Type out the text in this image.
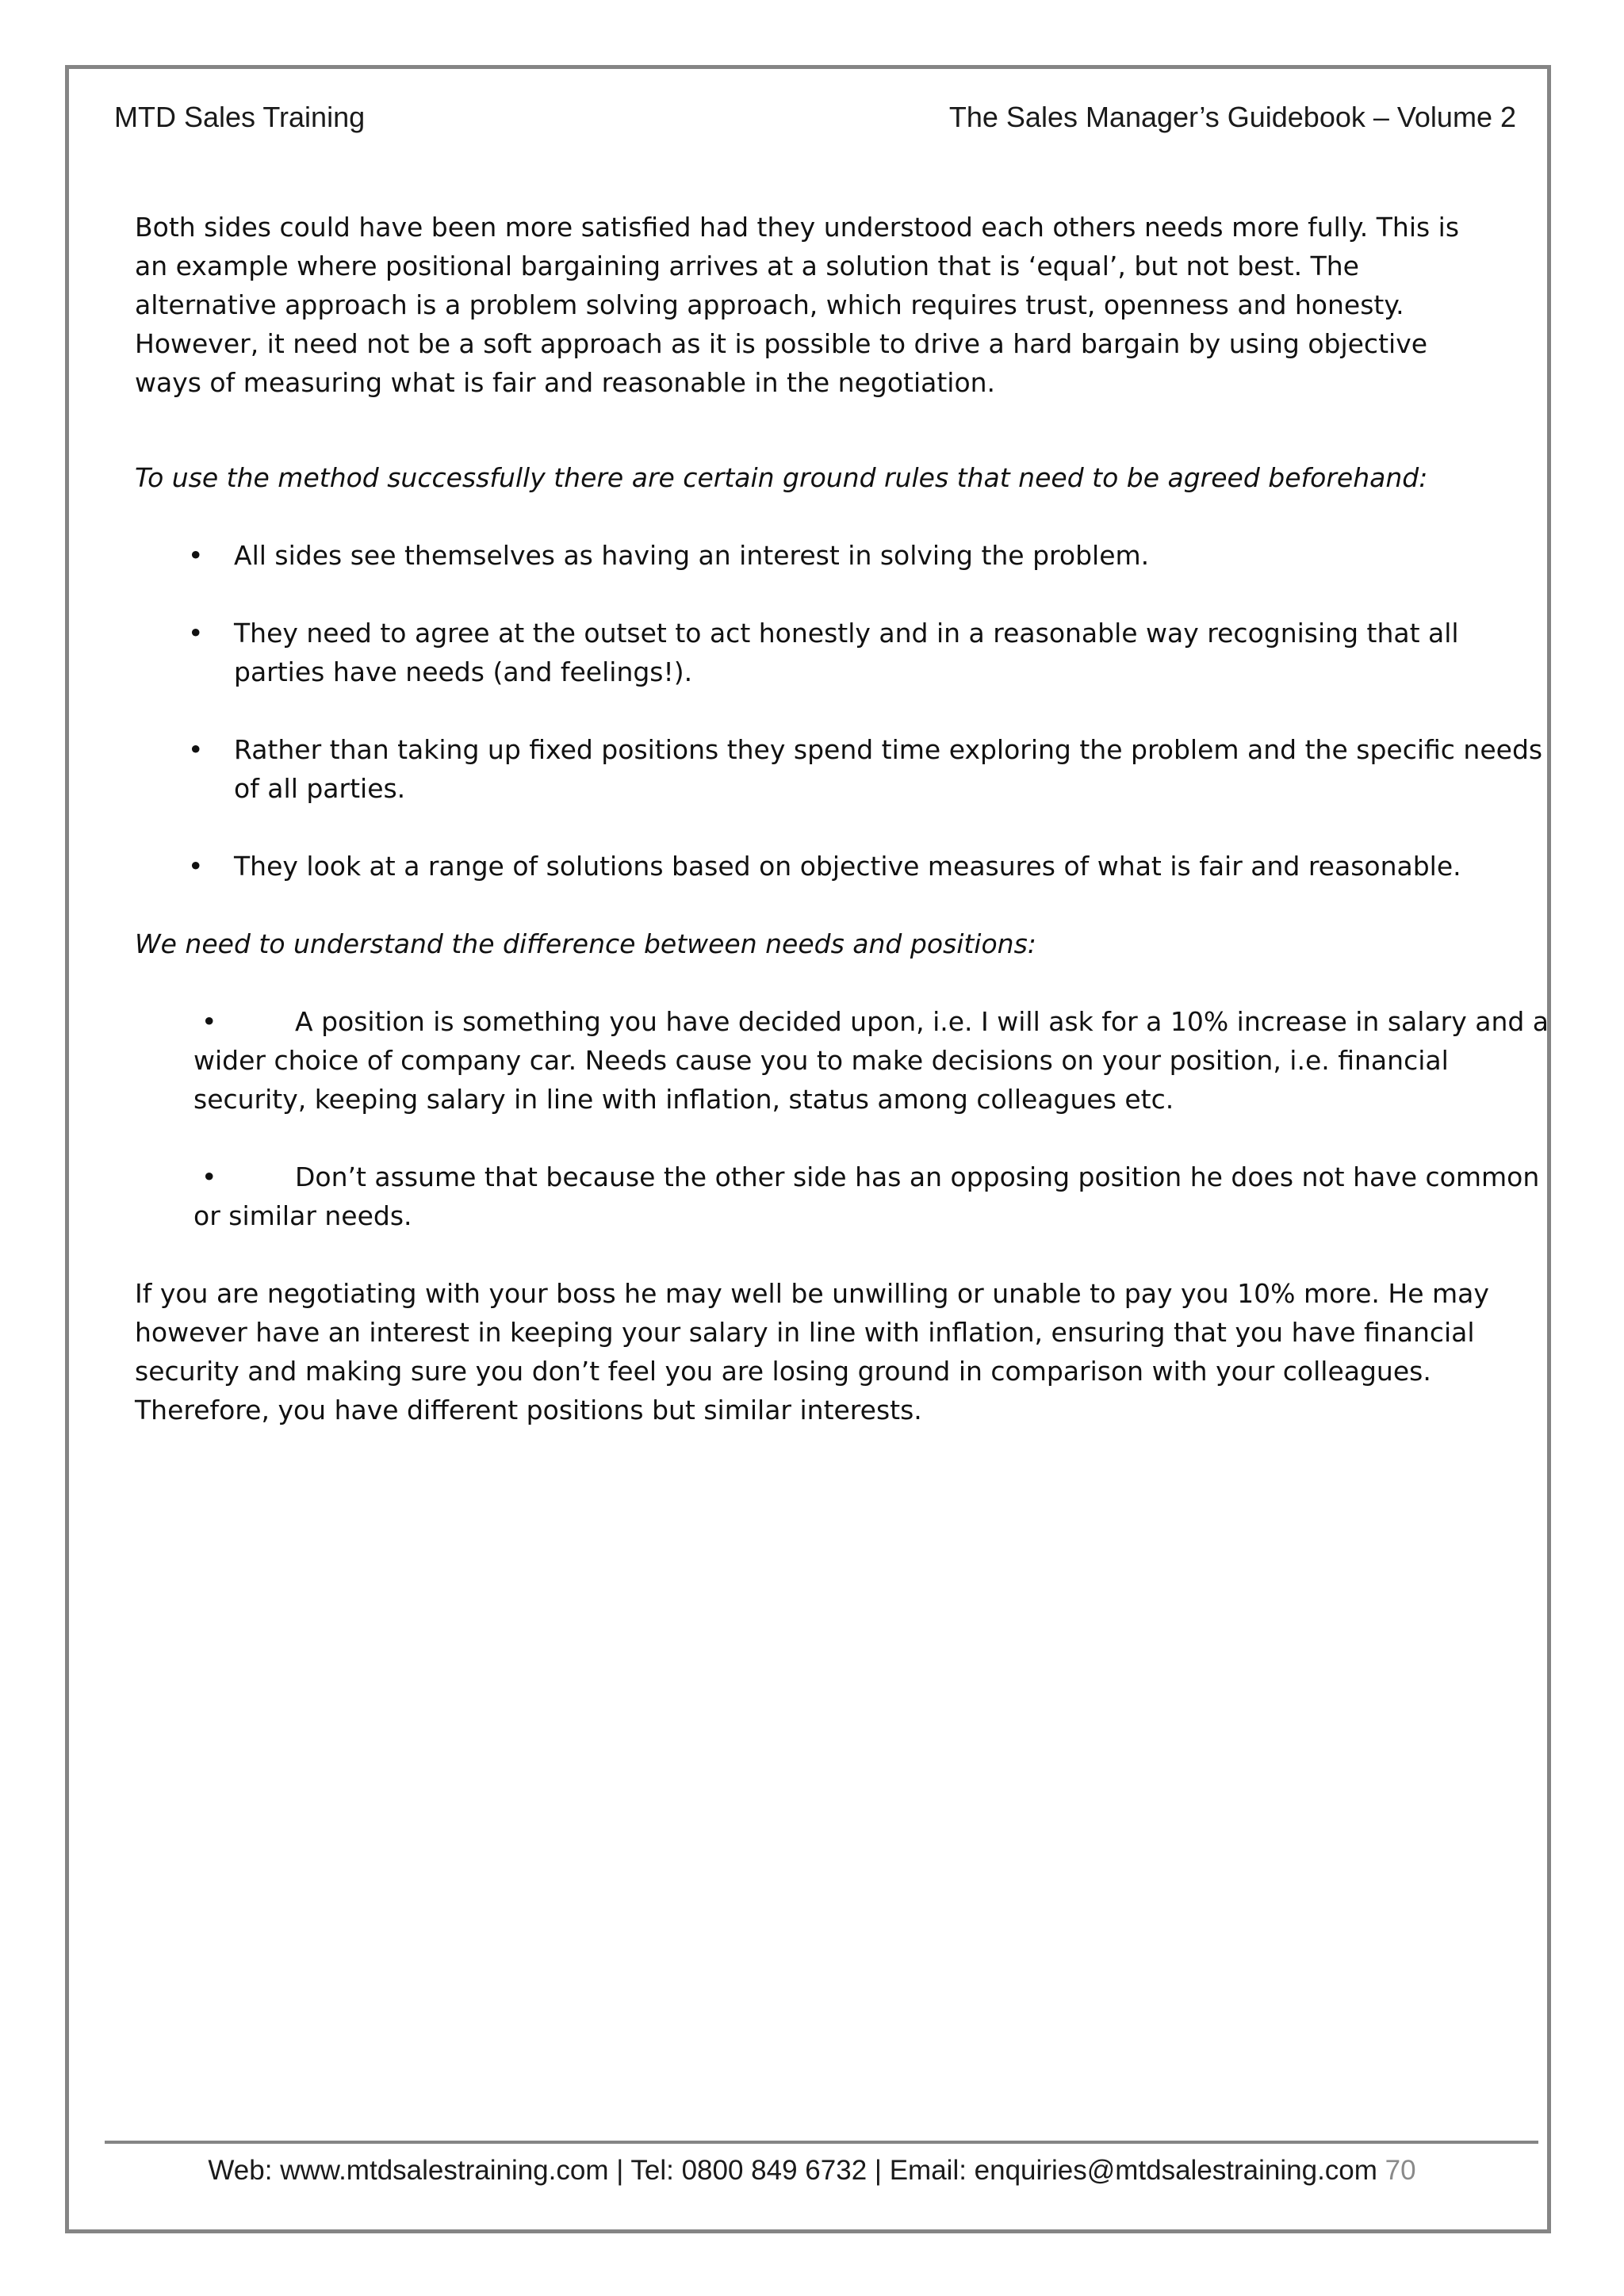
MTD Sales Training	The Sales Manager’s Guidebook – Volume 2

Both sides could have been more satisfied had they understood each others needs more fully. This is an example where positional bargaining arrives at a solution that is ‘equal’, but not best. The alternative approach is a problem solving approach, which requires trust, openness and honesty. However, it need not be a soft approach as it is possible to drive a hard bargain by using objective ways of measuring what is fair and reasonable in the negotiation.

To use the method successfully there are certain ground rules that need to be agreed beforehand:

• All sides see themselves as having an interest in solving the problem.
• They need to agree at the outset to act honestly and in a reasonable way recognising that all parties have needs (and feelings!).
• Rather than taking up fixed positions they spend time exploring the problem and the specific needs of all parties.
• They look at a range of solutions based on objective measures of what is fair and reasonable.

We need to understand the difference between needs and positions:

•	A position is something you have decided upon, i.e. I will ask for a 10% increase in salary and a wider choice of company car. Needs cause you to make decisions on your position, i.e. financial security, keeping salary in line with inflation, status among colleagues etc.
•	Don’t assume that because the other side has an opposing position he does not have common or similar needs.

If you are negotiating with your boss he may well be unwilling or unable to pay you 10% more. He may however have an interest in keeping your salary in line with inflation, ensuring that you have financial security and making sure you don’t feel you are losing ground in comparison with your colleagues. Therefore, you have different positions but similar interests.

Web: www.mtdsalestraining.com | Tel: 0800 849 6732 | Email: enquiries@mtdsalestraining.com 70
